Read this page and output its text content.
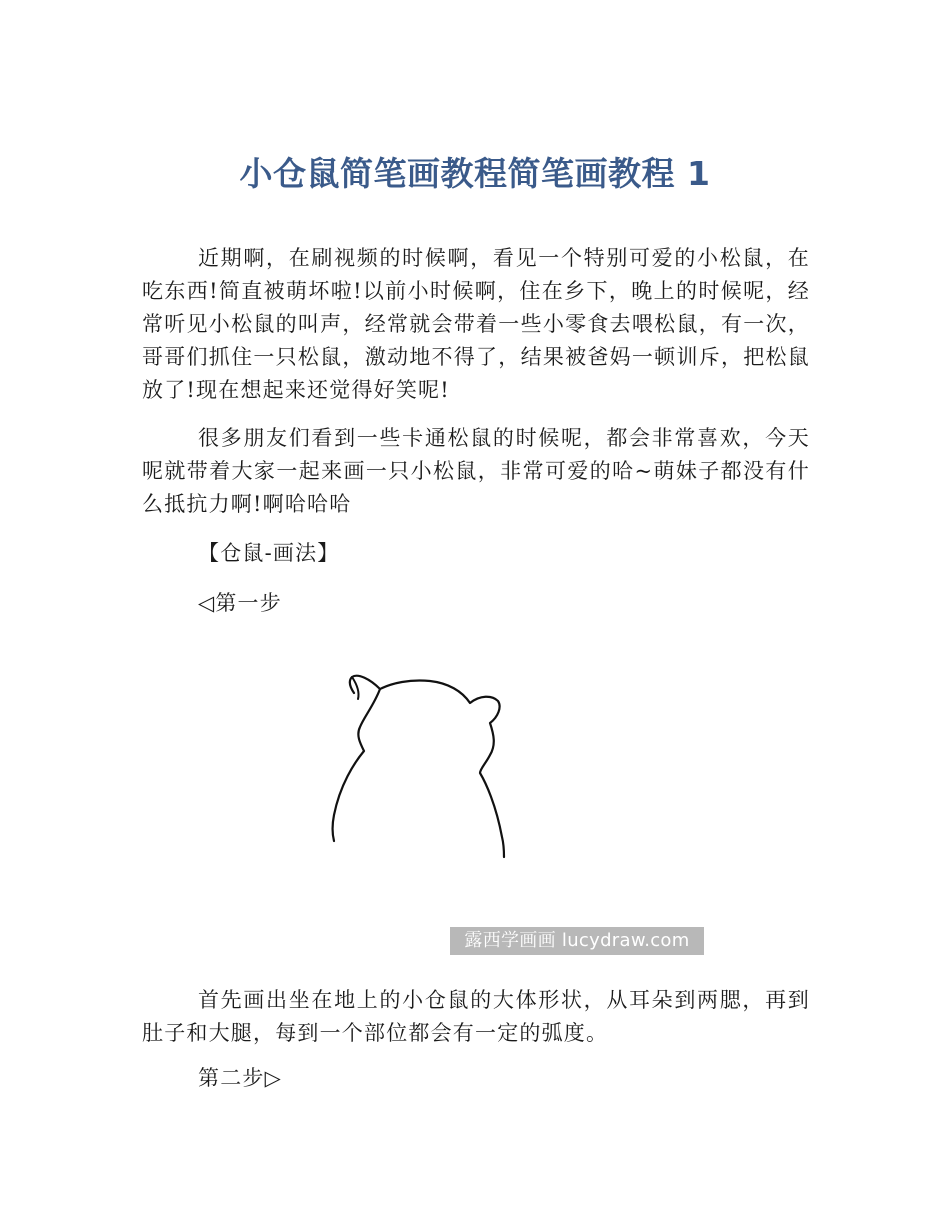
小仓鼠简笔画教程简笔画教程 1

近期啊，在刷视频的时候啊，看见一个特别可爱的小松鼠，在吃东西!简直被萌坏啦!以前小时候啊，住在乡下，晚上的时候呢，经常听见小松鼠的叫声，经常就会带着一些小零食去喂松鼠，有一次，哥哥们抓住一只松鼠，激动地不得了，结果被爸妈一顿训斥，把松鼠放了!现在想起来还觉得好笑呢!

很多朋友们看到一些卡通松鼠的时候呢，都会非常喜欢，今天呢就带着大家一起来画一只小松鼠，非常可爱的哈~萌妹子都没有什么抵抗力啊!啊哈哈哈

【仓鼠-画法】

◁第一步

露西学画画 lucydraw.com

首先画出坐在地上的小仓鼠的大体形状，从耳朵到两腮，再到肚子和大腿，每到一个部位都会有一定的弧度。

第二步▷
